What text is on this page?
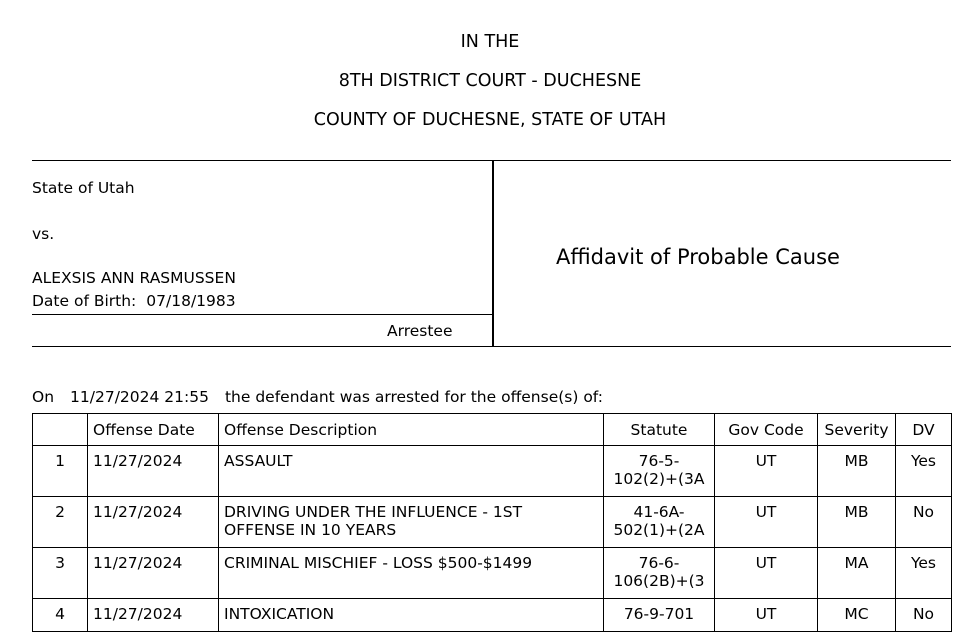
IN THE
8TH DISTRICT COURT - DUCHESNE
COUNTY OF DUCHESNE, STATE OF UTAH
State of Utah
vs.
ALEXSIS ANN RASMUSSEN
Date of Birth: 07/18/1983
Arrestee
Affidavit of Probable Cause
On 11/27/2024 21:55 the defendant was arrested for the offense(s) of:
	Offense Date	Offense Description	Statute	Gov Code	Severity	DV
1	11/27/2024	ASSAULT	76-5-
102(2)+(3A	UT	MB	Yes
2	11/27/2024	DRIVING UNDER THE INFLUENCE - 1ST
OFFENSE IN 10 YEARS	41-6A-
502(1)+(2A	UT	MB	No
3	11/27/2024	CRIMINAL MISCHIEF - LOSS $500-$1499	76-6-
106(2B)+(3	UT	MA	Yes
4	11/27/2024	INTOXICATION	76-9-701	UT	MC	No
